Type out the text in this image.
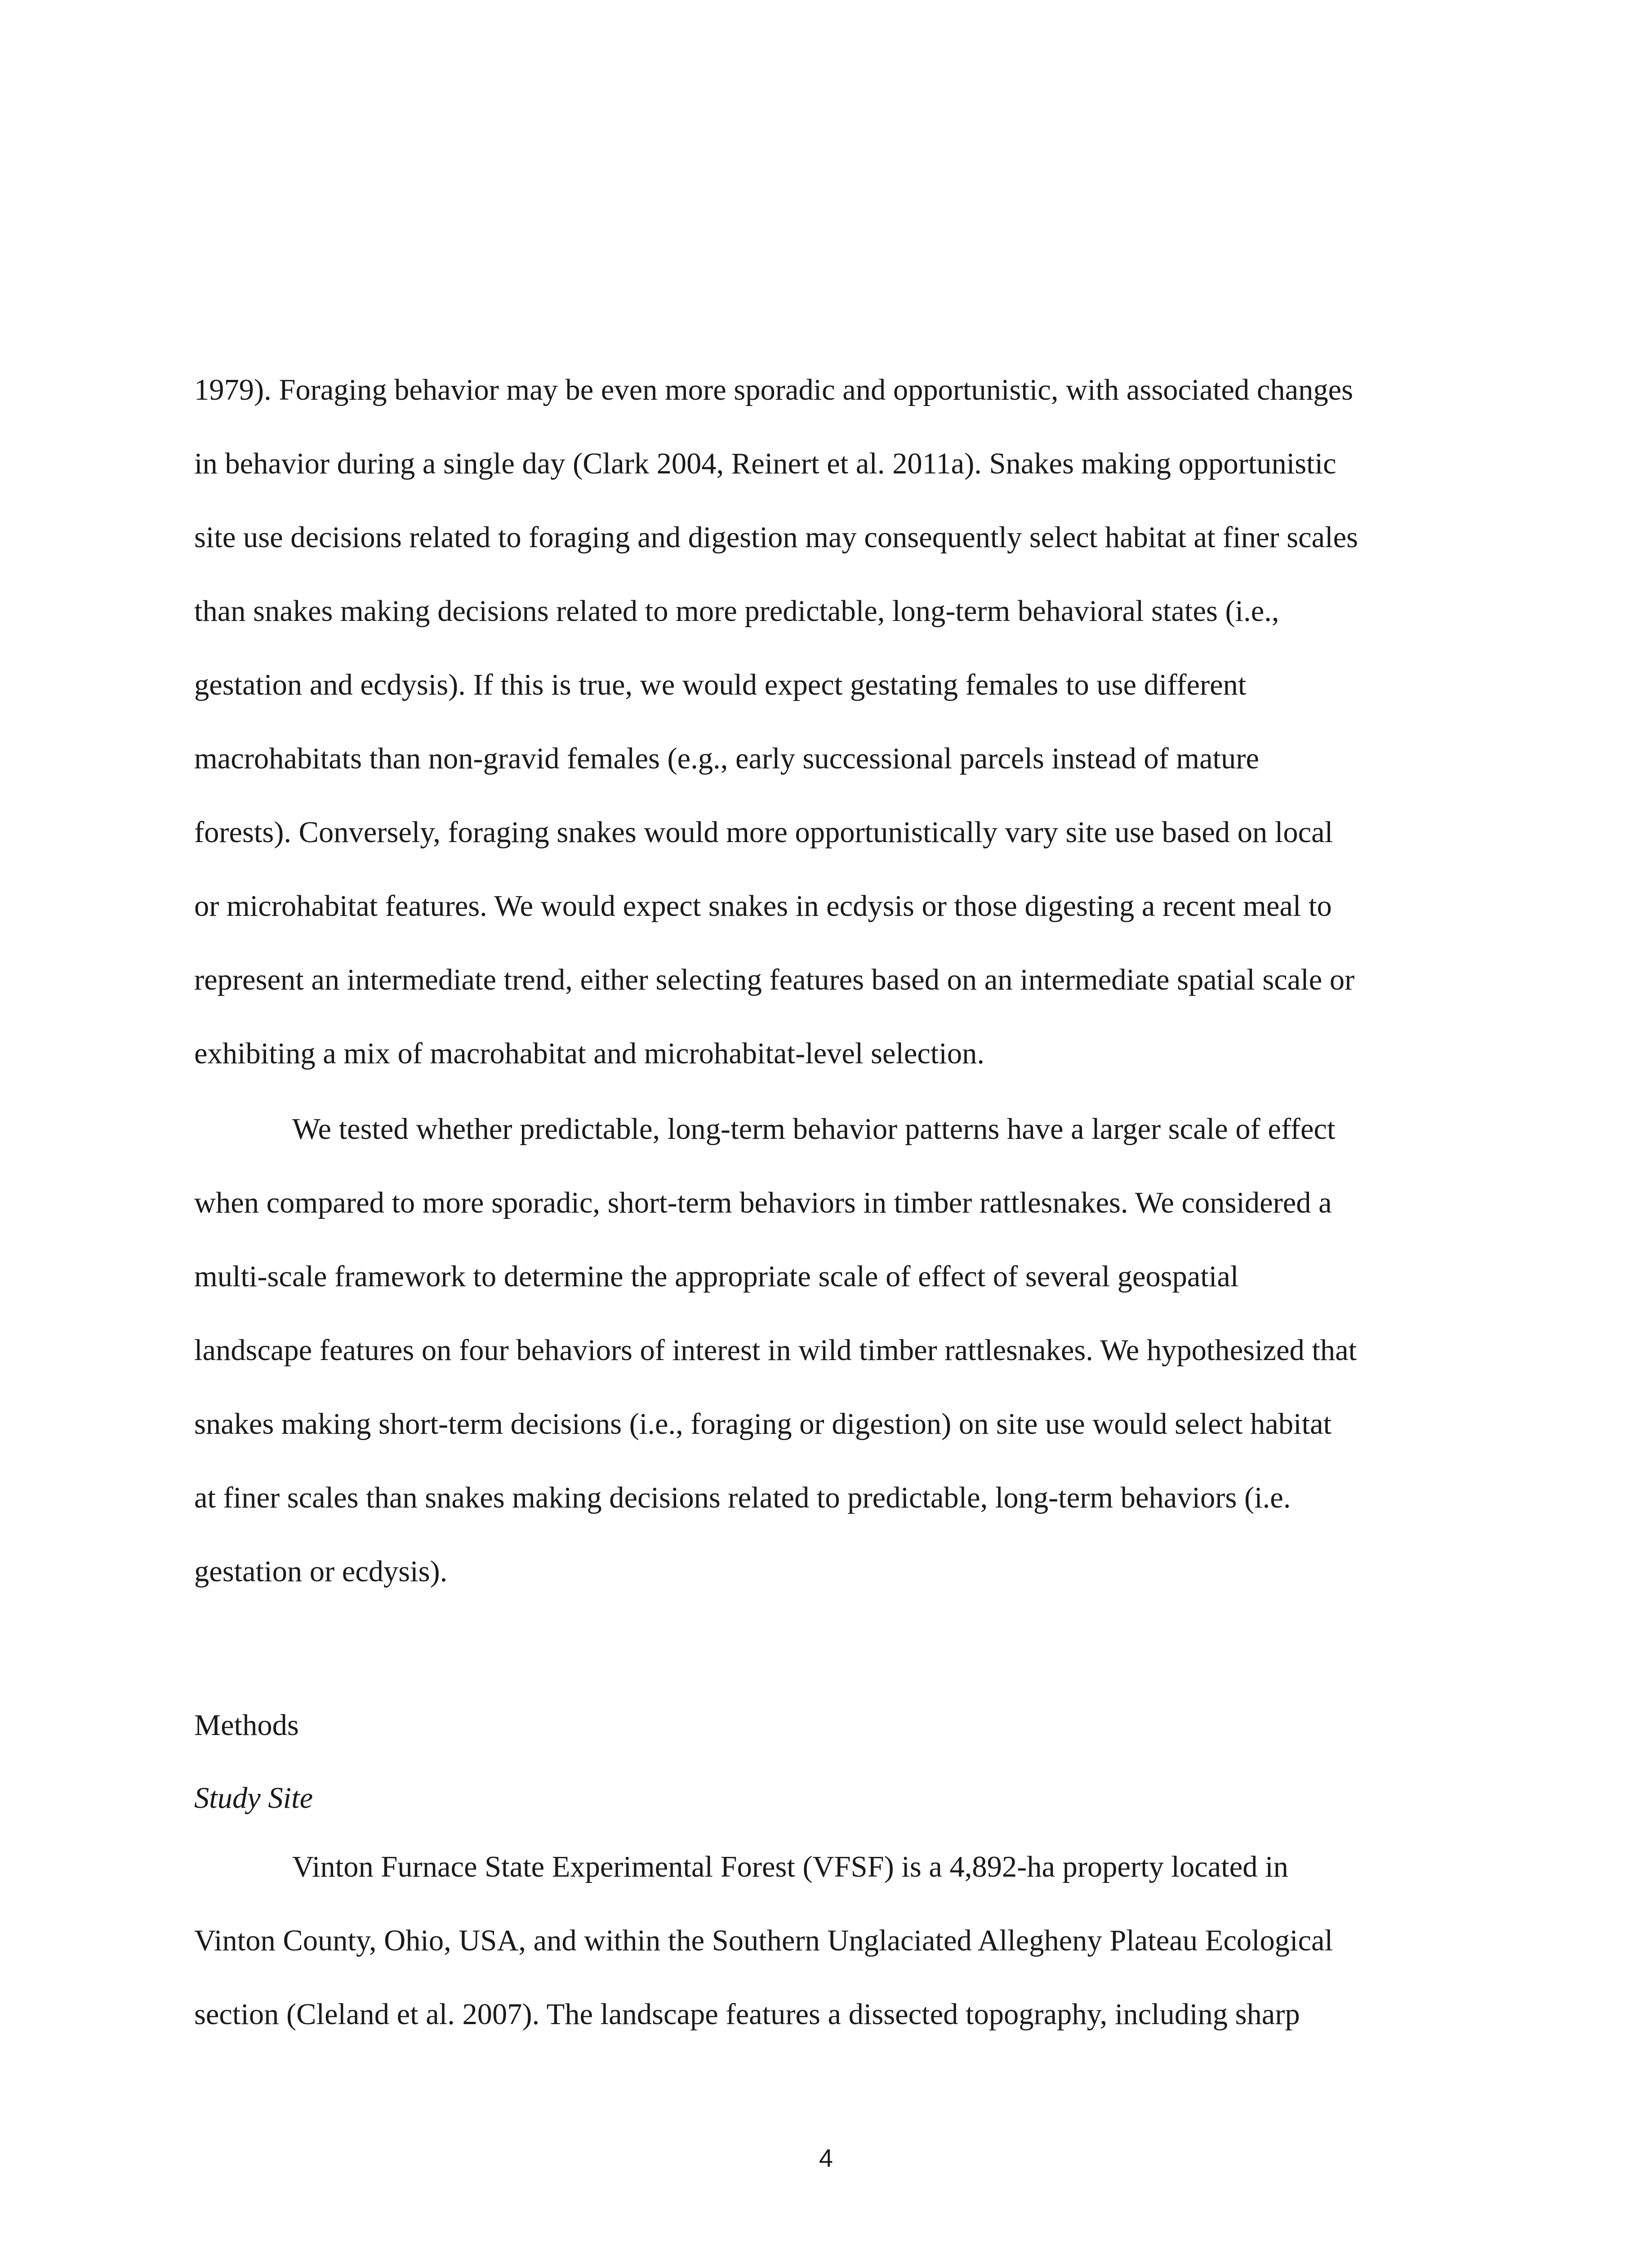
1979). Foraging behavior may be even more sporadic and opportunistic, with associated changes
in behavior during a single day (Clark 2004, Reinert et al. 2011a). Snakes making opportunistic
site use decisions related to foraging and digestion may consequently select habitat at finer scales
than snakes making decisions related to more predictable, long-term behavioral states (i.e.,
gestation and ecdysis). If this is true, we would expect gestating females to use different
macrohabitats than non-gravid females (e.g., early successional parcels instead of mature
forests). Conversely, foraging snakes would more opportunistically vary site use based on local
or microhabitat features. We would expect snakes in ecdysis or those digesting a recent meal to
represent an intermediate trend, either selecting features based on an intermediate spatial scale or
exhibiting a mix of macrohabitat and microhabitat-level selection.
We tested whether predictable, long-term behavior patterns have a larger scale of effect
when compared to more sporadic, short-term behaviors in timber rattlesnakes. We considered a
multi-scale framework to determine the appropriate scale of effect of several geospatial
landscape features on four behaviors of interest in wild timber rattlesnakes. We hypothesized that
snakes making short-term decisions (i.e., foraging or digestion) on site use would select habitat
at finer scales than snakes making decisions related to predictable, long-term behaviors (i.e.
gestation or ecdysis).
Methods
Study Site
Vinton Furnace State Experimental Forest (VFSF) is a 4,892-ha property located in
Vinton County, Ohio, USA, and within the Southern Unglaciated Allegheny Plateau Ecological
section (Cleland et al. 2007). The landscape features a dissected topography, including sharp
4
